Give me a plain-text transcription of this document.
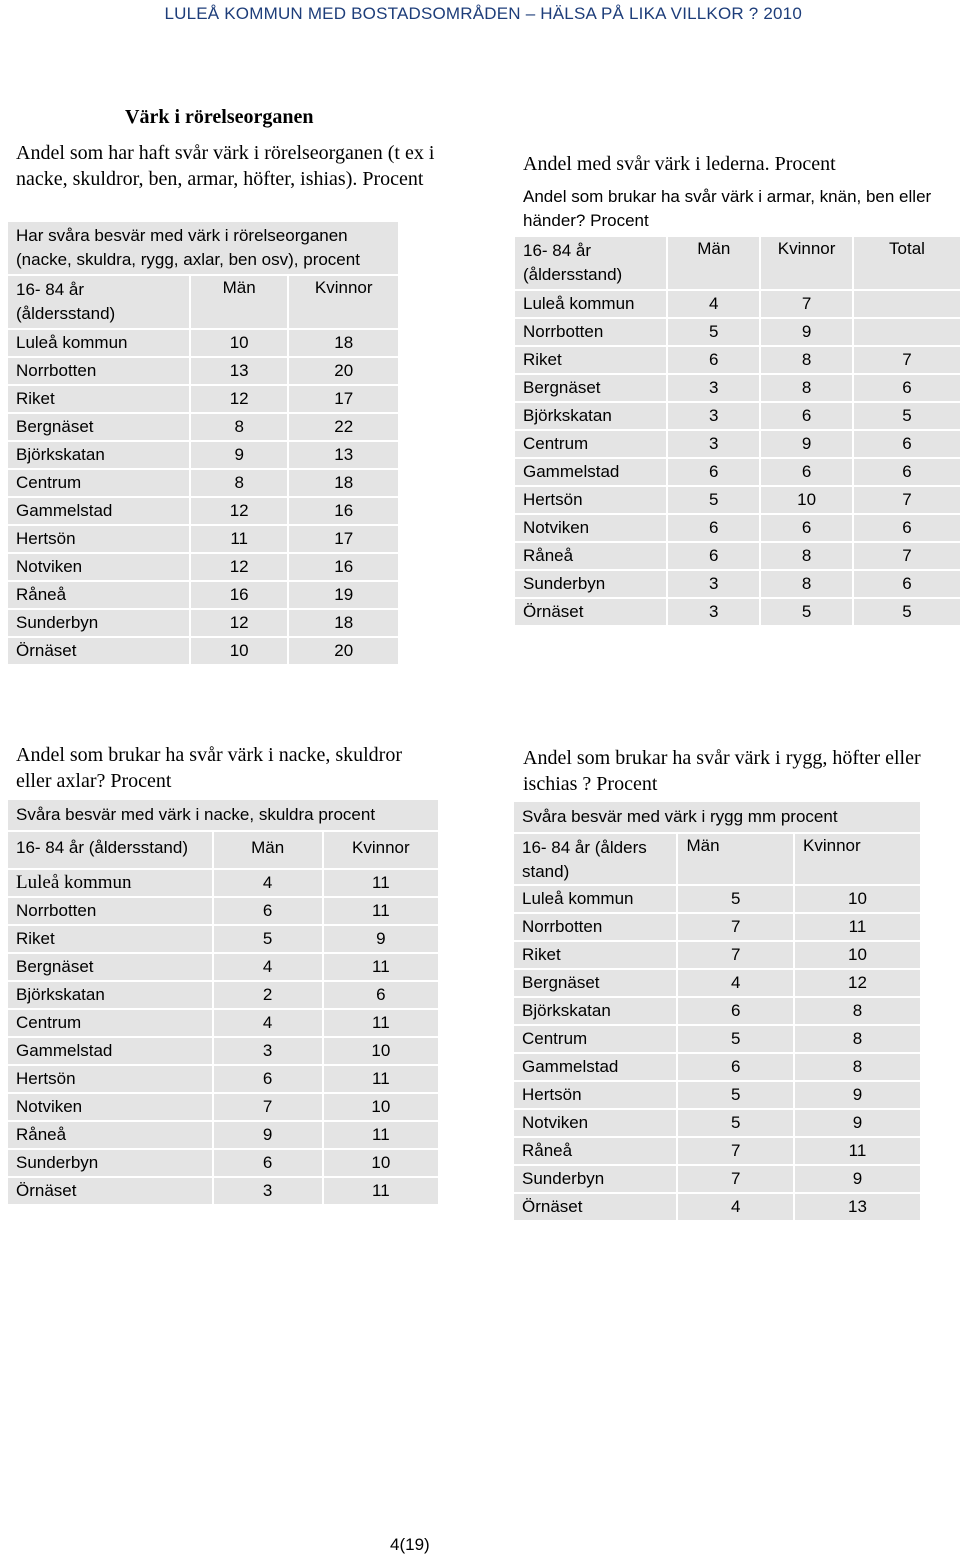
LULEÅ KOMMUN MED BOSTADSOMRÅDEN – HÄLSA PÅ LIKA VILLKOR ? 2010
Värk i rörelseorganen
Andel som har haft svår värk i rörelseorganen (t ex i nacke, skuldror, ben, armar, höfter, ishias). Procent
Har svåra besvär med värk i rörelseorganen (nacke, skuldra, rygg, axlar, ben osv), procent		
16- 84 år (åldersstand)	Män	Kvinnor
Luleå kommun	10	18
Norrbotten	13	20
Riket	12	17
Bergnäset	8	22
Björkskatan	9	13
Centrum	8	18
Gammelstad	12	16
Hertsön	11	17
Notviken	12	16
Råneå	16	19
Sunderbyn	12	18
Örnäset	10	20
Andel med svår värk i lederna. Procent
Andel som brukar ha svår värk i armar, knän, ben eller händer? Procent			
16- 84 år (åldersstand)	Män	Kvinnor	Total
Luleå kommun	4	7	
Norrbotten	5	9	
Riket	6	8	7
Bergnäset	3	8	6
Björkskatan	3	6	5
Centrum	3	9	6
Gammelstad	6	6	6
Hertsön	5	10	7
Notviken	6	6	6
Råneå	6	8	7
Sunderbyn	3	8	6
Örnäset	3	5	5
Andel som brukar ha svår värk i nacke, skuldror eller axlar? Procent
Svåra besvär med värk i nacke, skuldra procent		
16- 84 år (åldersstand)	Män	Kvinnor
Luleå kommun	4	11
Norrbotten	6	11
Riket	5	9
Bergnäset	4	11
Björkskatan	2	6
Centrum	4	11
Gammelstad	3	10
Hertsön	6	11
Notviken	7	10
Råneå	9	11
Sunderbyn	6	10
Örnäset	3	11
Andel som brukar ha svår värk i rygg, höfter eller ischias ? Procent
Svåra besvär med värk i rygg mm procent		
16- 84 år (ålders stand)	Män	Kvinnor
Luleå kommun	5	10
Norrbotten	7	11
Riket	7	10
Bergnäset	4	12
Björkskatan	6	8
Centrum	5	8
Gammelstad	6	8
Hertsön	5	9
Notviken	5	9
Råneå	7	11
Sunderbyn	7	9
Örnäset	4	13
4(19)
